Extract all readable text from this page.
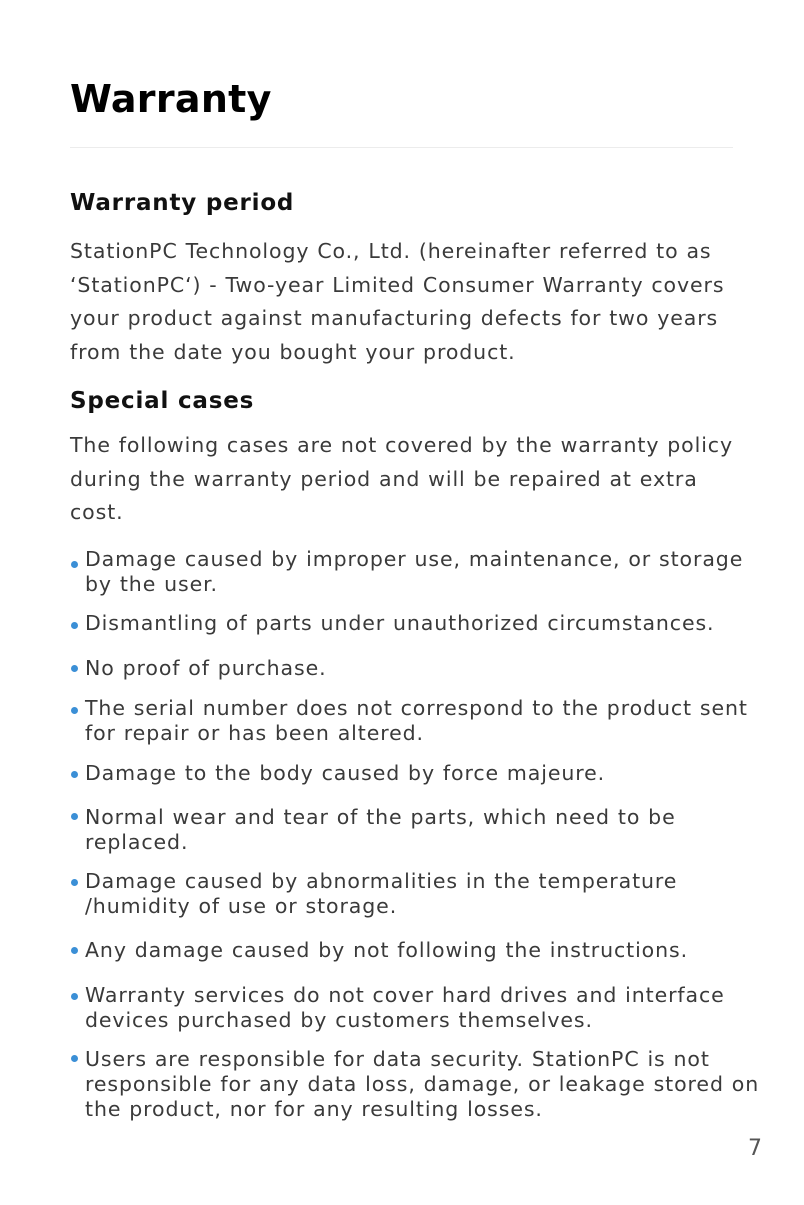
Warranty
Warranty period

StationPC Technology Co., Ltd. (hereinafter referred to as ‘StationPC‘) - Two-year Limited Consumer Warranty covers your product against manufacturing defects for two years from the date you bought your product.

Special cases

The following cases are not covered by the warranty policy during the warranty period and will be repaired at extra cost.

Damage caused by improper use, maintenance, or storage by the user.
Dismantling of parts under unauthorized circumstances.
No proof of purchase.
The serial number does not correspond to the product sent for repair or has been altered.
Damage to the body caused by force majeure.
Normal wear and tear of the parts, which need to be replaced.
Damage caused by abnormalities in the temperature /humidity of use or storage.
Any damage caused by not following the instructions.
Warranty services do not cover hard drives and interface devices purchased by customers themselves.
Users are responsible for data security. StationPC is not responsible for any data loss, damage, or leakage stored on the product, nor for any resulting losses.
7
